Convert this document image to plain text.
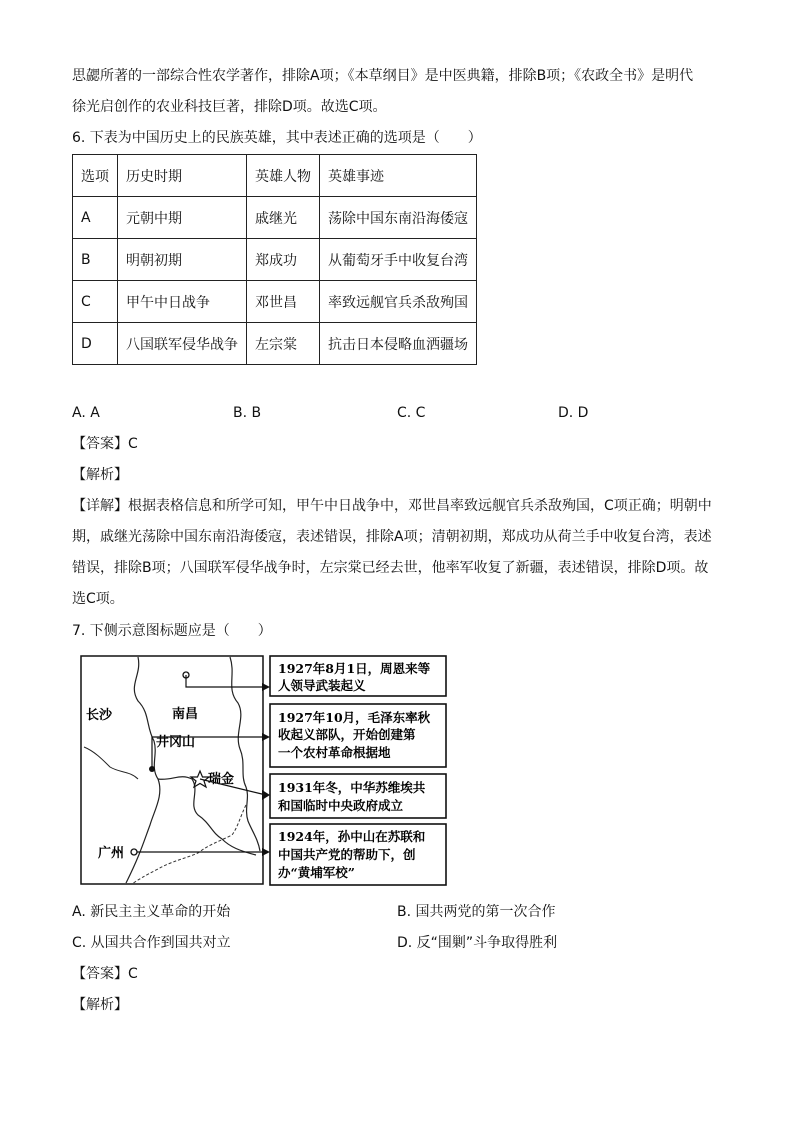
思勰所著的一部综合性农学著作，排除A项；《本草纲目》是中医典籍，排除B项；《农政全书》是明代
徐光启创作的农业科技巨著，排除D项。故选C项。
6. 下表为中国历史上的民族英雄，其中表述正确的选项是（　　）
选项	历史时期	英雄人物	英雄事迹
A	元朝中期	戚继光	荡除中国东南沿海倭寇
B	明朝初期	郑成功	从葡萄牙手中收复台湾
C	甲午中日战争	邓世昌	率致远舰官兵杀敌殉国
D	八国联军侵华战争	左宗棠	抗击日本侵略血洒疆场
A. A	B. B	C. C	D. D
【答案】C
【解析】
【详解】根据表格信息和所学可知，甲午中日战争中，邓世昌率致远舰官兵杀敌殉国，C项正确；明朝中
期，戚继光荡除中国东南沿海倭寇，表述错误，排除A项；清朝初期，郑成功从荷兰手中收复台湾，表述
错误，排除B项；八国联军侵华战争时，左宗棠已经去世，他率军收复了新疆，表述错误，排除D项。故
选C项。
7. 下侧示意图标题应是（　　）
长沙	南昌
井冈山
瑞金
广州
1927年8月1日，周恩来等
人领导武装起义
1927年10月，毛泽东率秋
收起义部队，开始创建第
一个农村革命根据地
1931年冬，中华苏维埃共
和国临时中央政府成立
1924年，孙中山在苏联和
中国共产党的帮助下，创
办“黄埔军校”
A. 新民主主义革命的开始	B. 国共两党的第一次合作
C. 从国共合作到国共对立	D. 反“围剿”斗争取得胜利
【答案】C
【解析】
